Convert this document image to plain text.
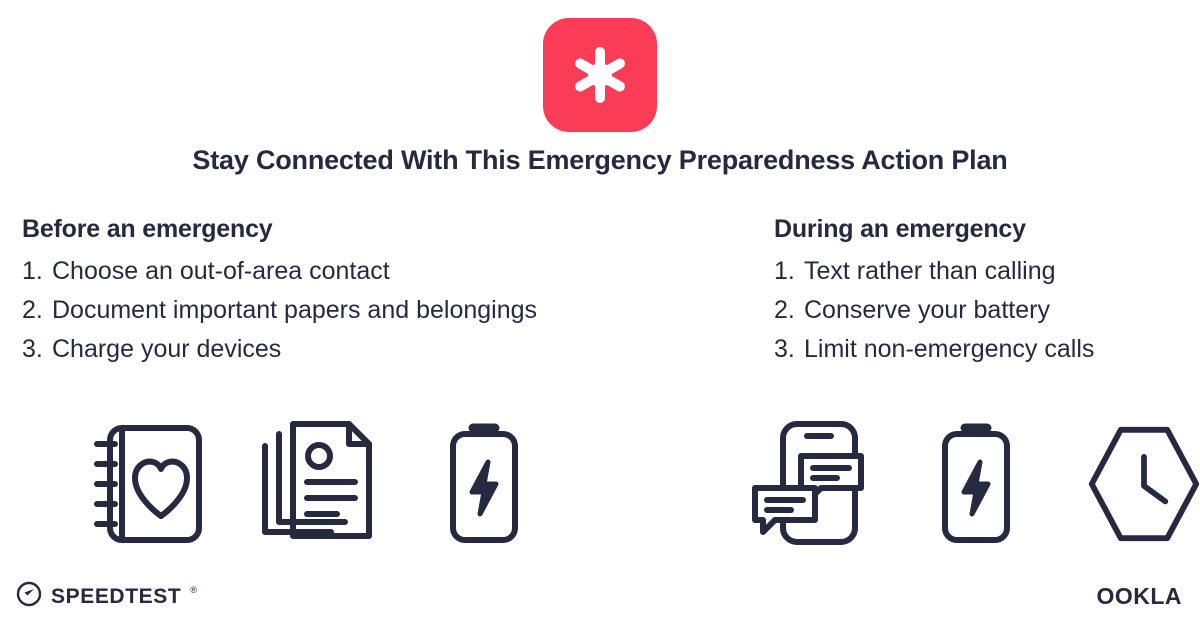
Stay Connected With This Emergency Preparedness Action Plan
Before an emergency
1. Choose an out-of-area contact
2. Document important papers and belongings
3. Charge your devices
During an emergency
1. Text rather than calling
2. Conserve your battery
3. Limit non-emergency calls
SPEEDTEST ®	OOKLA
